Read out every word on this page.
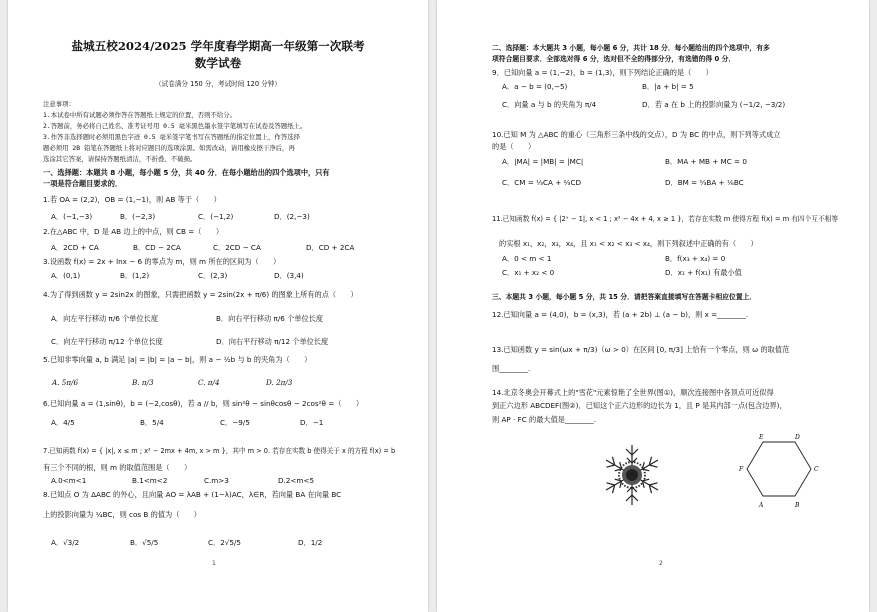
盐城五校2024/2025 学年度春学期高一年级第一次联考
数学试卷
（试卷满分 150 分，考试时间 120 分钟）
注意事项：
1.本试卷中所有试题必须作答在答题纸上规定的位置，否则不给分。
2.答题前，务必将自己姓名、准考证号用 0.5 毫米黑色墨水签字笔填写在试卷及答题纸上。
3.作答非选择题时必须用黑色字迹 0.5 毫米签字笔书写在答题纸的指定位置上，作答选择
题必须用 2B 铅笔在答题纸上将对应题目的选项涂黑。如需改动，请用橡皮擦干净后，再
选涂其它答案，请保持答题纸清洁，不折叠、不破损。
一、选择题：本题共 8 小题，每小题 5 分，共 40 分．在每小题给出的四个选项中，只有
一项是符合题目要求的．
1.若 OA = (2,2)，OB = (1,−1)，则 AB 等于（　　）
A．(−1,−3)	B．(−2,3)	C．(−1,2)	D．(2,−3)
2.在△ABC 中，D 是 AB 边上的中点，则 CB =（　　）
A．2CD + CA	B．CD − 2CA	C．2CD − CA	D．CD + 2CA
3.设函数 f(x) = 2x + lnx − 6 的零点为 m，则 m 所在的区间为（　　）
A．(0,1)	B．(1,2)	C．(2,3)	D．(3,4)
4.为了得到函数 y = 2sin2x 的图象，只需把函数 y = 2sin(2x + π/6) 的图象上所有的点（　　）
A．向左平行移动 π/6 个单位长度	B．向右平行移动 π/6 个单位长度
C．向左平行移动 π/12 个单位长度	D．向右平行移动 π/12 个单位长度
5.已知非零向量 a, b 满足 |a| = |b| = |a − b|，则 a − ½b 与 b 的夹角为（　　）
A. 5π/6	B. π/3	C. π/4	D. 2π/3
6.已知向量 a = (1,sinθ)，b = (−2,cosθ)，若 a // b，则 sin²θ − sinθcosθ − 2cos²θ =（　　）
A．4/5	B．5/4	C．−9/5	D．−1
7.已知函数 f(x) = { |x|, x ≤ m ; x² − 2mx + 4m, x > m }，其中 m > 0. 若存在实数 b 使得关于 x 的方程 f(x) = b
有三个不同的根，则 m 的取值范围是（　　）
A.0<m<1	B.1<m<2	C.m>3	D.2<m<5
8.已知点 O 为 ΔABC 的外心，且向量 AO = λAB + (1−λ)AC，λ∈R，若向量 BA 在向量 BC
上的投影向量为 ¼BC，则 cos B 的值为（　　）
A．√3/2	B．√5/5	C．2√5/5	D．1/2
1
二、选择题：本大题共 3 小题，每小题 6 分，共计 18 分．每小题给出的四个选项中，有多
项符合题目要求．全部选对得 6 分，选对但不全的得部分分，有选错的得 0 分．
9．已知向量 a = (1,−2)，b = (1,3)，则下列结论正确的是（　　）
A．a − b = (0,−5)	B．|a + b| = 5
C．向量 a 与 b 的夹角为 π/4	D．若 a 在 b 上的投影向量为 (−1/2, −3/2)
10.已知 M 为 △ABC 的重心（三角形三条中线的交点），D 为 BC 的中点，则下列等式成立
的是（　　）
A．|MA| = |MB| = |MC|	B．MA + MB + MC = 0
C．CM = ⅓CA + ⅔CD	D．BM = ⅓BA + ⅙BC
11.已知函数 f(x) = { |2ˣ − 1|, x < 1 ; x² − 4x + 4, x ≥ 1 }，若存在实数 m 使得方程 f(x) = m 有四个互不相等
的实根 x₁，x₂，x₃，x₄，且 x₁ < x₂ < x₃ < x₄，则下列叙述中正确的有（　　）
A．0 < m < 1	B．f(x₃ + x₄) = 0
C．x₁ + x₂ < 0	D．x₁ + f(x₁) 有最小值
三、本题共 3 小题，每小题 5 分，共 15 分．请把答案直接填写在答题卡相应位置上．
12.已知向量 a = (4,0)，b = (x,3)，若 (a + 2b) ⊥ (a − b)，则 x =________.
13.已知函数 y = sin(ωx + π/3)（ω > 0）在区间 [0, π/3] 上恰有一个零点，则 ω 的取值范
围________.
14.北京冬奥会开幕式上的"雪花"元素惊艳了全世界(图①)，顺次连接图中各顶点可近似得
到正六边形 ABCDEF(图②)．已知这个正六边形的边长为 1，且 P 是其内部一点(包含边界)，
则 AP · FC 的最大值是________.
A	B
C
D
E
F
2
